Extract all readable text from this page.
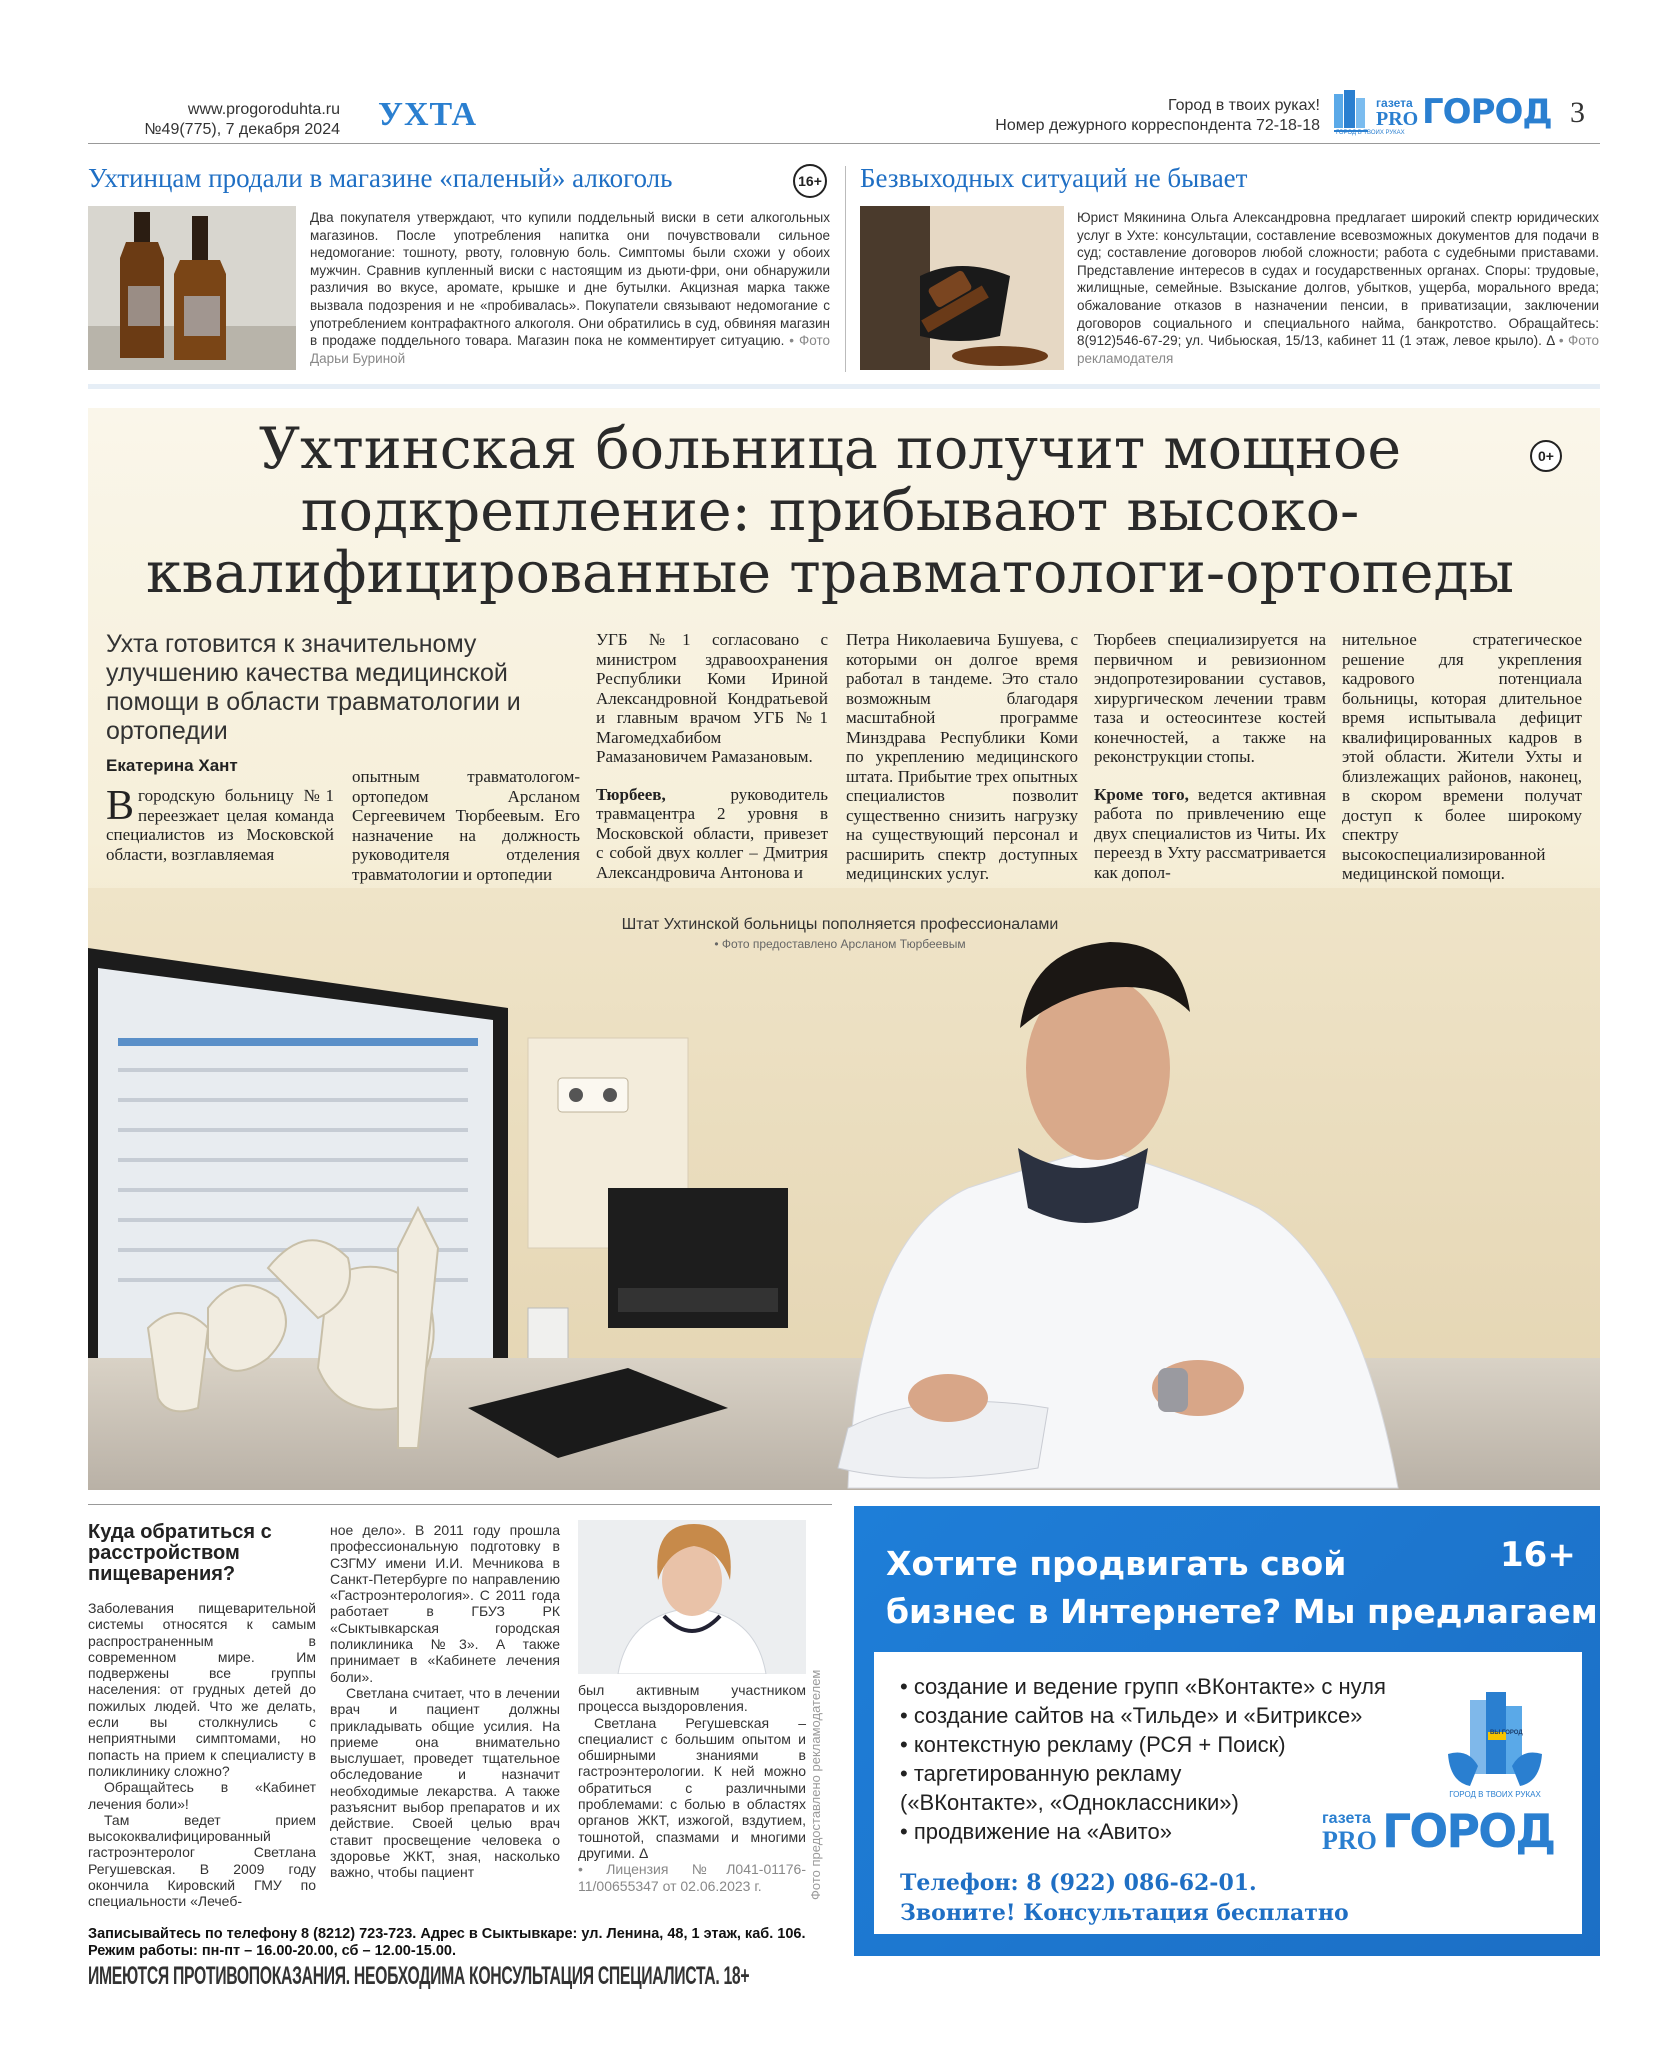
www.progoroduhta.ru
№49(775), 7 декабря 2024 УХТА	Город в твоих руках!
Номер дежурного корреспондента 72-18-18	ГОРОД В ТВОИХ РУКАХ
газета
PRO ГОРОД 3
Ухтинцам продали в магазине «паленый» алкоголь	16+
Два покупателя утверждают, что купили поддельный виски в сети алкогольных магазинов. После употребления напитка они почувствовали сильное недомогание: тошноту, рвоту, головную боль. Симптомы были схожи у обоих мужчин. Сравнив купленный виски с настоящим из дьюти-фри, они обнаружили различия во вкусе, аромате, крышке и дне бутылки. Акцизная марка также вызвала подозрения и не «пробивалась». Покупатели связывают недомогание с употреблением контрафактного алкоголя. Они обратились в суд, обвиняя магазин в продаже поддельного товара. Магазин пока не комментирует ситуацию. • Фото Дарьи Буриной
Безвыходных ситуаций не бывает
Юрист Мякинина Ольга Александровна предлагает широкий спектр юридических услуг в Ухте: консультации, составление всевозможных документов для подачи в суд; составление договоров любой сложности; работа с судебными приставами. Представление интересов в судах и государственных органах. Споры: трудовые, жилищные, семейные. Взыскание долгов, убытков, ущерба, морального вреда; обжалование отказов в назначении пенсии, в приватизации, заключении договоров социального и специального найма, банкротство. Обращайтесь: 8(912)546-67-29; ул. Чибьюская, 15/13, кабинет 11 (1 этаж, левое крыло). Δ • Фото рекламодателя
Ухтинская больница получит мощное
подкрепление: прибывают высоко-
квалифицированные травматологи-ортопеды
0+
Ухта готовится к значительному улучшению качества медицинской помощи в области травматологии и ортопедии
Екатерина Хант
Вгородскую больницу №1 переезжает целая команда специалистов из Московской области, возглавляемая
опытным травматологом-ортопедом Арсланом Сергеевичем Тюрбеевым. Его назначение на должность руководителя отделения травматологии и ортопедии
УГБ №1 согласовано с министром здравоохранения Республики Коми Ириной Александровной Кондратьевой и главным врачом УГБ №1 Магомедхабибом Рамазановичем Рамазановым.
Тюрбеев,	руководитель травмацентра 2 уровня в Московской области, привезет с собой двух коллег – Дмитрия Александровича Антонова и
Петра Николаевича Бушуева, с которыми он долгое время работал в тандеме. Это стало возможным благодаря масштабной программе Минздрава Республики Коми по укреплению медицинского штата. Прибытие трех опытных специалистов позволит существенно снизить нагрузку на существующий персонал и расширить спектр доступных медицинских услуг.
Тюрбеев специализируется на первичном и ревизионном эндопротезировании суставов, хирургическом лечении травм таза и остеосинтезе костей конечностей, а также на реконструкции стопы.
Кроме того, ведется активная работа по привлечению еще двух специалистов из Читы. Их переезд в Ухту рассматривается как допол-
нительное стратегическое решение для укрепления кадрового потенциала больницы, которая длительное время испытывала дефицит квалифицированных кадров в этой области. Жители Ухты и близлежащих районов, наконец, в скором времени получат доступ к более широкому спектру высокоспециализированной медицинской помощи.
Штат Ухтинской больницы пополняется профессионалами
• Фото предоставлено Арсланом Тюрбеевым
Куда обратиться с расстройством пищеварения?
Заболевания пищеварительной системы относятся к самым распространенным в современном мире. Им подвержены все группы населения: от грудных детей до пожилых людей. Что же делать, если вы столкнулись с неприятными симптомами, но попасть на прием к специалисту в поликлинику сложно?
Обращайтесь в «Кабинет лечения боли»!
Там ведет прием высококвалифицированный гастроэнтеролог Светлана Регушевская. В 2009 году окончила Кировский ГМУ по специальности «Лечеб-
ное дело». В 2011 году прошла профессиональную подготовку в СЗГМУ имени И.И. Мечникова в Санкт-Петербурге по направлению «Гастроэнтерология». С 2011 года работает в ГБУЗ РК «Сыктывкарская городская поликлиника №3». А также принимает в «Кабинете лечения боли».
Светлана считает, что в лечении врач и пациент должны прикладывать общие усилия. На приеме она внимательно выслушает, проведет тщательное обследование и назначит необходимые лекарства. А также разъяснит выбор препаратов и их действие. Своей целью врач ставит просвещение человека о здоровье ЖКТ, зная, насколько важно, чтобы пациент
был активным участником процесса выздоровления.
Светлана Регушевская – специалист с большим опытом и обширными знаниями в гастроэнтерологии. К ней можно обратиться с различными проблемами: с болью в областях органов ЖКТ, изжогой, вздутием, тошнотой, спазмами и многими другими. Δ
• Лицензия №Л041-01176-11/00655347 от 02.06.2023 г.	Фото предоставлено рекламодателем
Записывайтесь по телефону 8 (8212) 723-723. Адрес в Сыктывкаре: ул. Ленина, 48, 1 этаж, каб. 106. Режим работы: пн-пт – 16.00-20.00, сб – 12.00-15.00.
ИМЕЮТСЯ ПРОТИВОПОКАЗАНИЯ. НЕОБХОДИМА КОНСУЛЬТАЦИЯ СПЕЦИАЛИСТА. 18+
Хотите продвигать свой
бизнес в Интернете? Мы предлагаем:
16+
• создание и ведение групп «ВКонтакте» с нуля
• создание сайтов на «Тильде» и «Битриксе»
• контекстную рекламу (РСЯ + Поиск)
• таргетированную рекламу
(«ВКонтакте», «Одноклассники»)
• продвижение на «Авито»
Телефон: 8 (922) 086-62-01.
Звоните! Консультация бесплатно
ВЫ ГОРОД
ГОРОД В ТВОИХ РУКАХ
газета
PRO ГОРОД
